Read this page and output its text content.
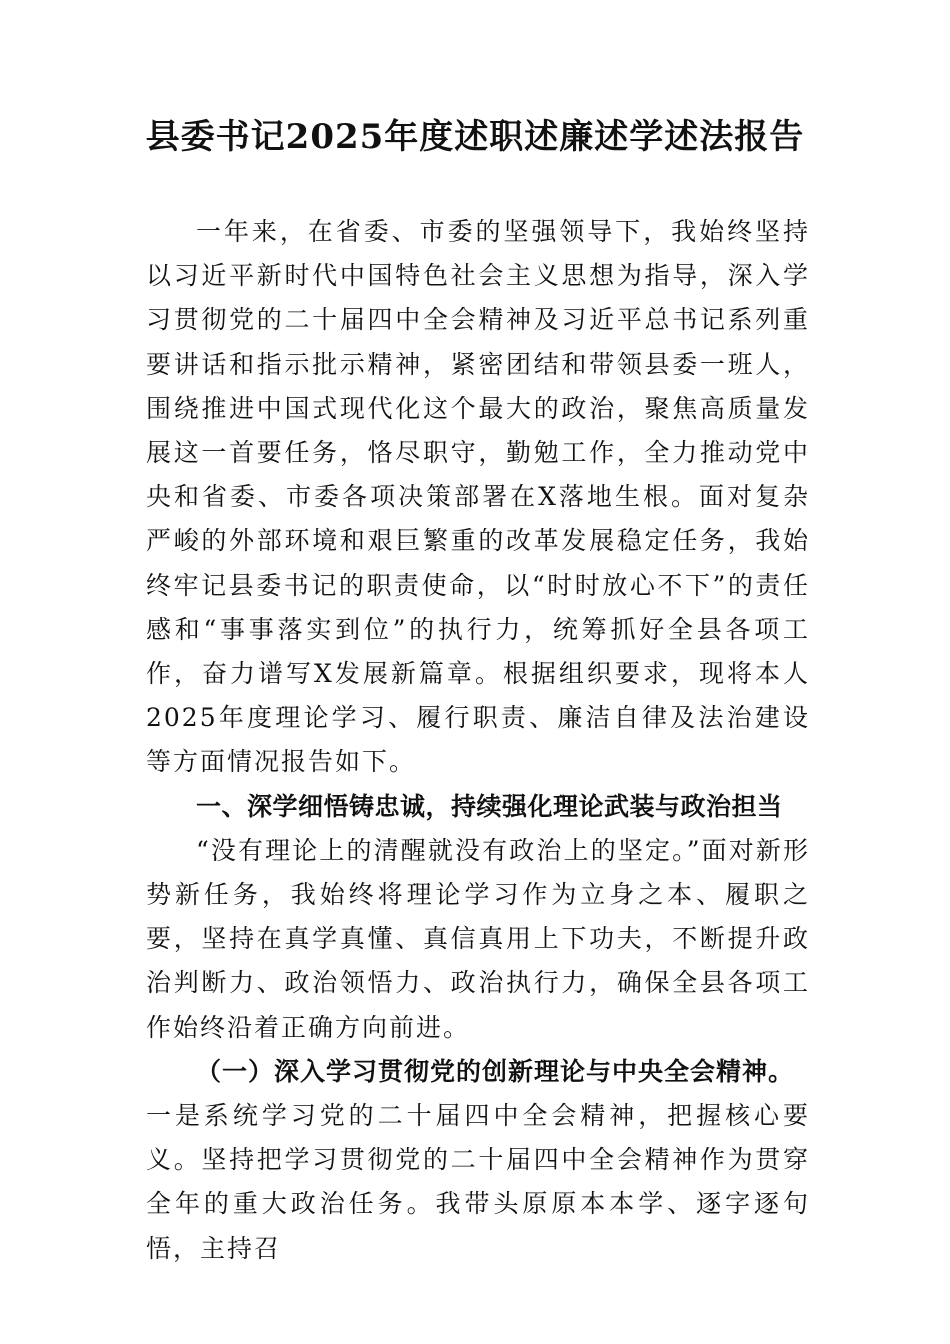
县委书记2025年度述职述廉述学述法报告

一年来，在省委、市委的坚强领导下，我始终坚持以习近平新时代中国特色社会主义思想为指导，深入学习贯彻党的二十届四中全会精神及习近平总书记系列重要讲话和指示批示精神，紧密团结和带领县委一班人，围绕推进中国式现代化这个最大的政治，聚焦高质量发展这一首要任务，恪尽职守，勤勉工作，全力推动党中央和省委、市委各项决策部署在X落地生根。面对复杂严峻的外部环境和艰巨繁重的改革发展稳定任务，我始终牢记县委书记的职责使命，以“时时放心不下”的责任感和“事事落实到位”的执行力，统筹抓好全县各项工作，奋力谱写X发展新篇章。根据组织要求，现将本人2025年度理论学习、履行职责、廉洁自律及法治建设等方面情况报告如下。

一、深学细悟铸忠诚，持续强化理论武装与政治担当

“没有理论上的清醒就没有政治上的坚定。”面对新形势新任务，我始终将理论学习作为立身之本、履职之要，坚持在真学真懂、真信真用上下功夫，不断提升政治判断力、政治领悟力、政治执行力，确保全县各项工作始终沿着正确方向前进。

（一）深入学习贯彻党的创新理论与中央全会精神。

一是系统学习党的二十届四中全会精神，把握核心要义。坚持把学习贯彻党的二十届四中全会精神作为贯穿全年的重大政治任务。我带头原原本本学、逐字逐句悟，主持召
